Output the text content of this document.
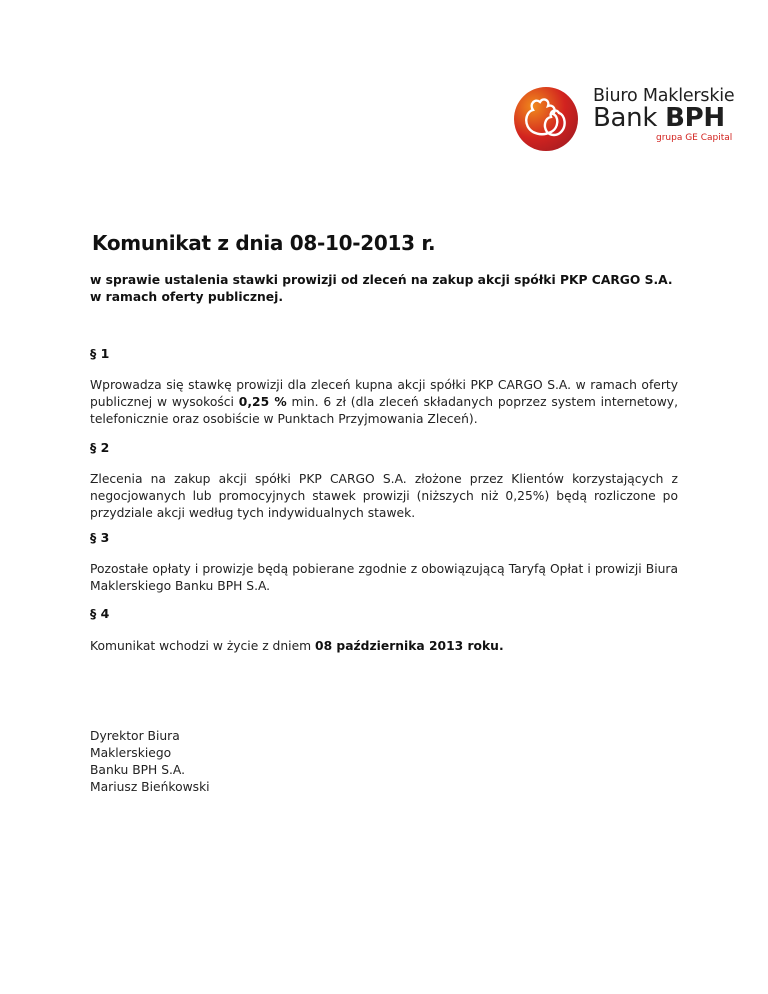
Biuro Maklerskie
Bank BPH
grupa GE Capital
Komunikat z dnia 08-10-2013 r.
w sprawie ustalenia stawki prowizji od zleceń na zakup akcji spółki PKP CARGO S.A. w ramach oferty publicznej.
§ 1
Wprowadza się stawkę prowizji dla zleceń kupna akcji spółki PKP CARGO S.A. w ramach oferty publicznej w wysokości 0,25 % min. 6 zł (dla zleceń składanych poprzez system internetowy, telefonicznie oraz osobiście w Punktach Przyjmowania Zleceń).
§ 2
Zlecenia na zakup akcji spółki PKP CARGO S.A. złożone przez Klientów korzystających z negocjowanych lub promocyjnych stawek prowizji (niższych niż 0,25%) będą rozliczone po przydziale akcji według tych indywidualnych stawek.
§ 3
Pozostałe opłaty i prowizje będą pobierane zgodnie z obowiązującą Taryfą Opłat i prowizji Biura Maklerskiego Banku BPH S.A.
§ 4
Komunikat wchodzi w życie z dniem 08 października 2013 roku.
Dyrektor Biura
Maklerskiego
Banku BPH S.A.
Mariusz Bieńkowski
